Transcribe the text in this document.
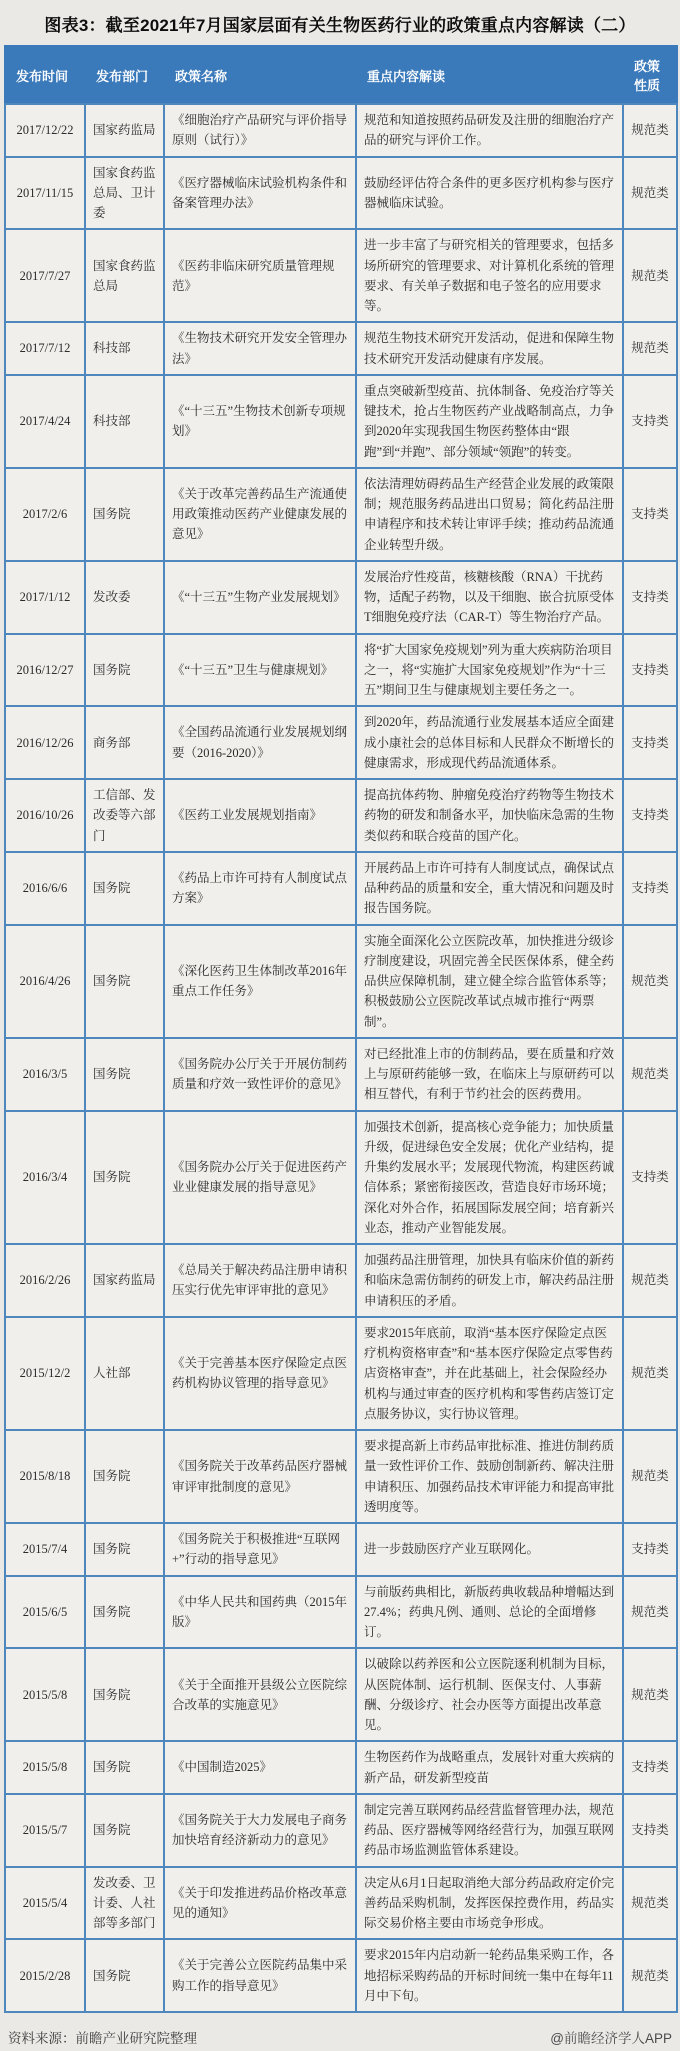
图表3：截至2021年7月国家层面有关生物医药行业的政策重点内容解读（二）
发布时间	发布部门	政策名称	重点内容解读	政策性质
2017/12/22	国家药监局	《细胞治疗产品研究与评价指导原则（试行）》	规范和知道按照药品研发及注册的细胞治疗产品的研究与评价工作。	规范类
2017/11/15	国家食药监总局、卫计委	《医疗器械临床试验机构条件和备案管理办法》	鼓励经评估符合条件的更多医疗机构参与医疗器械临床试验。	规范类
2017/7/27	国家食药监总局	《医药非临床研究质量管理规范》	进一步丰富了与研究相关的管理要求，包括多场所研究的管理要求、对计算机化系统的管理要求、有关单子数据和电子签名的应用要求等。	规范类
2017/7/12	科技部	《生物技术研究开发安全管理办法》	规范生物技术研究开发活动，促进和保障生物技术研究开发活动健康有序发展。	规范类
2017/4/24	科技部	《“十三五”生物技术创新专项规划》	重点突破新型疫苗、抗体制备、免疫治疗等关键技术，抢占生物医药产业战略制高点，力争到2020年实现我国生物医药整体由“跟跑”到“并跑”、部分领域“领跑”的转变。	支持类
2017/2/6	国务院	《关于改革完善药品生产流通使用政策推动医药产业健康发展的意见》	依法清理妨碍药品生产经营企业发展的政策限制；规范服务药品进出口贸易；简化药品注册申请程序和技术转让审评手续；推动药品流通企业转型升级。	支持类
2017/1/12	发改委	《“十三五”生物产业发展规划》	发展治疗性疫苗，核糖核酸（RNA）干扰药物，适配子药物，以及干细胞、嵌合抗原受体T细胞免疫疗法（CAR-T）等生物治疗产品。	支持类
2016/12/27	国务院	《“十三五”卫生与健康规划》	将“扩大国家免疫规划”列为重大疾病防治项目之一，将“实施扩大国家免疫规划”作为“十三五”期间卫生与健康规划主要任务之一。	支持类
2016/12/26	商务部	《全国药品流通行业发展规划纲要（2016-2020）》	到2020年，药品流通行业发展基本适应全面建成小康社会的总体目标和人民群众不断增长的健康需求，形成现代药品流通体系。	支持类
2016/10/26	工信部、发改委等六部门	《医药工业发展规划指南》	提高抗体药物、肿瘤免疫治疗药物等生物技术药物的研发和制备水平，加快临床急需的生物类似药和联合疫苗的国产化。	支持类
2016/6/6	国务院	《药品上市许可持有人制度试点方案》	开展药品上市许可持有人制度试点，确保试点品种药品的质量和安全，重大情况和问题及时报告国务院。	支持类
2016/4/26	国务院	《深化医药卫生体制改革2016年重点工作任务》	实施全面深化公立医院改革，加快推进分级诊疗制度建设，巩固完善全民医保体系，健全药品供应保障机制，建立健全综合监管体系等；积极鼓励公立医院改革试点城市推行“两票制”。	规范类
2016/3/5	国务院	《国务院办公厅关于开展仿制药质量和疗效一致性评价的意见》	对已经批准上市的仿制药品，要在质量和疗效上与原研药能够一致，在临床上与原研药可以相互替代，有利于节约社会的医药费用。	规范类
2016/3/4	国务院	《国务院办公厅关于促进医药产业业健康发展的指导意见》	加强技术创新，提高核心竞争能力；加快质量升级，促进绿色安全发展；优化产业结构，提升集约发展水平；发展现代物流，构建医药诚信体系；紧密衔接医改，营造良好市场环境；深化对外合作，拓展国际发展空间；培育新兴业态，推动产业智能发展。	支持类
2016/2/26	国家药监局	《总局关于解决药品注册申请积压实行优先审评审批的意见》	加强药品注册管理，加快具有临床价值的新药和临床急需仿制药的研发上市，解决药品注册申请积压的矛盾。	规范类
2015/12/2	人社部	《关于完善基本医疗保险定点医药机构协议管理的指导意见》	要求2015年底前，取消“基本医疗保险定点医疗机构资格审查”和“基本医疗保险定点零售药店资格审查”，并在此基础上，社会保险经办机构与通过审查的医疗机构和零售药店签订定点服务协议，实行协议管理。	规范类
2015/8/18	国务院	《国务院关于改革药品医疗器械审评审批制度的意见》	要求提高新上市药品审批标准、推进仿制药质量一致性评价工作、鼓励创制新药、解决注册申请积压、加强药品技术审评能力和提高审批透明度等。	规范类
2015/7/4	国务院	《国务院关于积极推进“互联网+”行动的指导意见》	进一步鼓励医疗产业互联网化。	支持类
2015/6/5	国务院	《中华人民共和国药典（2015年版》	与前版药典相比，新版药典收载品种增幅达到27.4%；药典凡例、通则、总论的全面增修订。	规范类
2015/5/8	国务院	《关于全面推开县级公立医院综合改革的实施意见》	以破除以药养医和公立医院逐利机制为目标，从医院体制、运行机制、医保支付、人事薪酬、分级诊疗、社会办医等方面提出改革意见。	规范类
2015/5/8	国务院	《中国制造2025》	生物医药作为战略重点，发展针对重大疾病的新产品，研发新型疫苗	支持类
2015/5/7	国务院	《国务院关于大力发展电子商务加快培育经济新动力的意见》	制定完善互联网药品经营监督管理办法，规范药品、医疗器械等网络经营行为，加强互联网药品市场监测监管体系建设。	支持类
2015/5/4	发改委、卫计委、人社部等多部门	《关于印发推进药品价格改革意见的通知》	决定从6月1日起取消绝大部分药品政府定价完善药品采购机制，发挥医保控费作用，药品实际交易价格主要由市场竞争形成。	规范类
2015/2/28	国务院	《关于完善公立医院药品集中采购工作的指导意见》	要求2015年内启动新一轮药品集采购工作，各地招标采购药品的开标时间统一集中在每年11月中下旬。	规范类
资料来源：前瞻产业研究院整理	@前瞻经济学人APP
